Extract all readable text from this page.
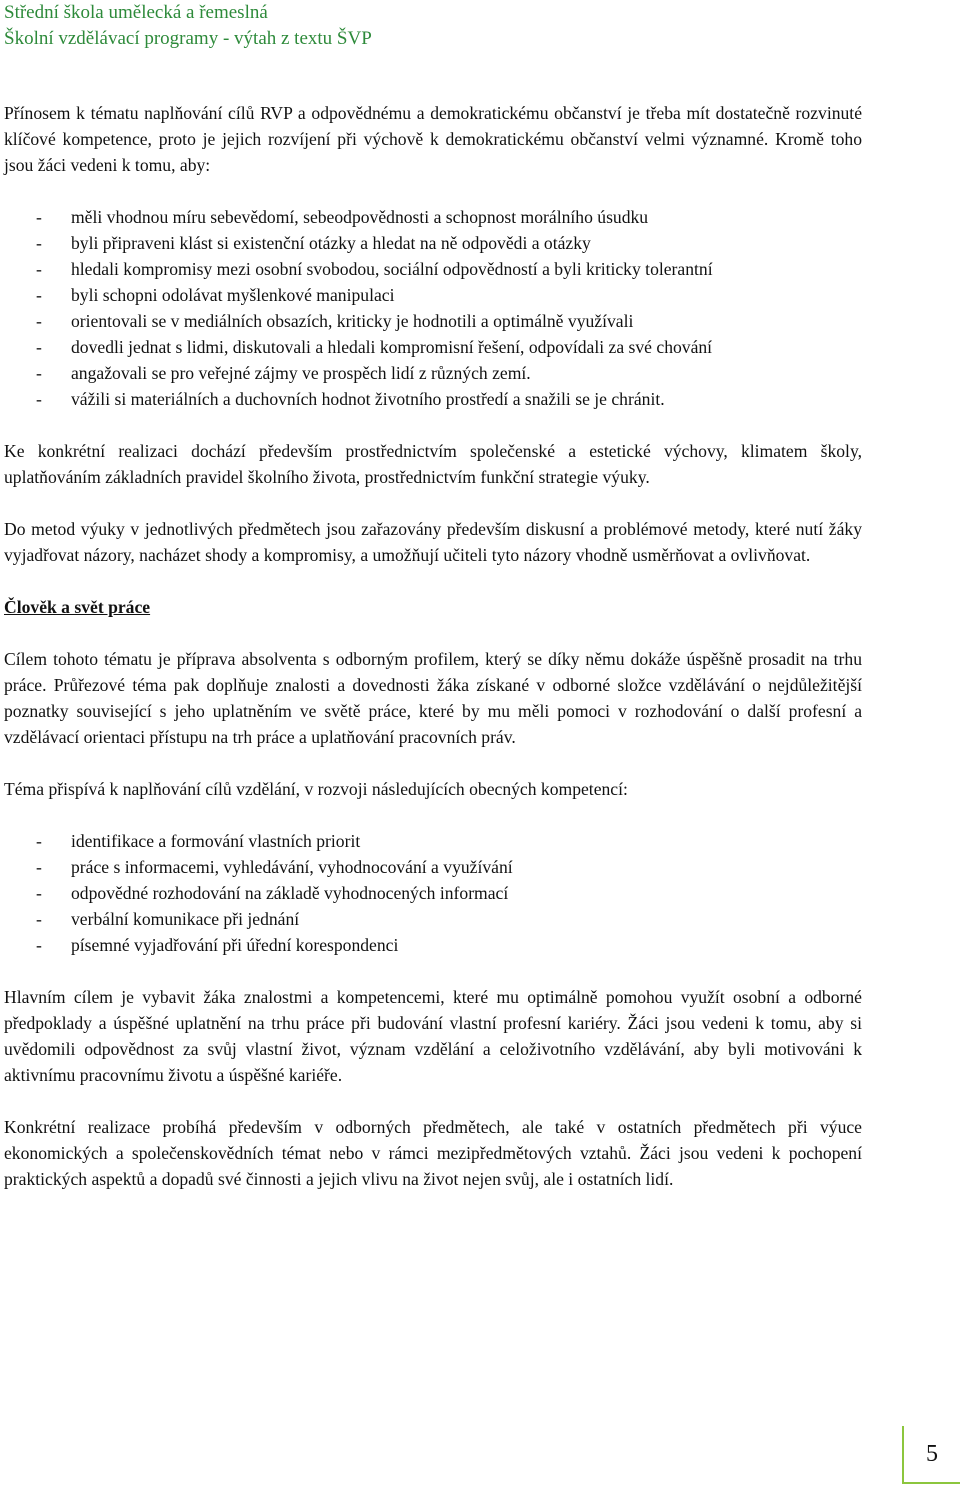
Střední škola umělecká a řemeslná
Školní vzdělávací programy - výtah z textu ŠVP

Přínosem k tématu naplňování cílů RVP a odpovědnému a demokratickému občanství je třeba mít dostatečně rozvinuté klíčové kompetence, proto je jejich rozvíjení při výchově k demokratickému občanství velmi významné. Kromě toho jsou žáci vedeni k tomu, aby:

- měli vhodnou míru sebevědomí, sebeodpovědnosti a schopnost morálního úsudku
- byli připraveni klást si existenční otázky a hledat na ně odpovědi a otázky
- hledali kompromisy mezi osobní svobodou, sociální odpovědností a byli kriticky tolerantní
- byli schopni odolávat myšlenkové manipulaci
- orientovali se v mediálních obsazích, kriticky je hodnotili a optimálně využívali
- dovedli jednat s lidmi, diskutovali a hledali kompromisní řešení, odpovídali za své chování
- angažovali se pro veřejné zájmy ve prospěch lidí z různých zemí.
- vážili si materiálních a duchovních hodnot životního prostředí a snažili se je chránit.

Ke konkrétní realizaci dochází především prostřednictvím společenské a estetické výchovy, klimatem školy, uplatňováním základních pravidel školního života, prostřednictvím funkční strategie výuky.

Do metod výuky v jednotlivých předmětech jsou zařazovány především diskusní a problémové metody, které nutí žáky vyjadřovat názory, nacházet shody a kompromisy, a umožňují učiteli tyto názory vhodně usměrňovat a ovlivňovat.

Člověk a svět práce

Cílem tohoto tématu je příprava absolventa s odborným profilem, který se díky němu dokáže úspěšně prosadit na trhu práce. Průřezové téma pak doplňuje znalosti a dovednosti žáka získané v odborné složce vzdělávání o nejdůležitější poznatky související s jeho uplatněním ve světě práce, které by mu měli pomoci v rozhodování o další profesní a vzdělávací orientaci přístupu na trh práce a uplatňování pracovních práv.

Téma přispívá k naplňování cílů vzdělání, v rozvoji následujících obecných kompetencí:

- identifikace a formování vlastních priorit
- práce s informacemi, vyhledávání, vyhodnocování a využívání
- odpovědné rozhodování na základě vyhodnocených informací
- verbální komunikace při jednání
- písemné vyjadřování při úřední korespondenci

Hlavním cílem je vybavit žáka znalostmi a kompetencemi, které mu optimálně pomohou využít osobní a odborné předpoklady a úspěšné uplatnění na trhu práce při budování vlastní profesní kariéry. Žáci jsou vedeni k tomu, aby si uvědomili odpovědnost za svůj vlastní život, význam vzdělání a celoživotního vzdělávání, aby byli motivováni k aktivnímu pracovnímu životu a úspěšné kariéře.

Konkrétní realizace probíhá především v odborných předmětech, ale také v ostatních předmětech při výuce ekonomických a společenskovědních témat nebo v rámci mezipředmětových vztahů. Žáci jsou vedeni k pochopení praktických aspektů a dopadů své činnosti a jejich vlivu na život nejen svůj, ale i ostatních lidí.

5
